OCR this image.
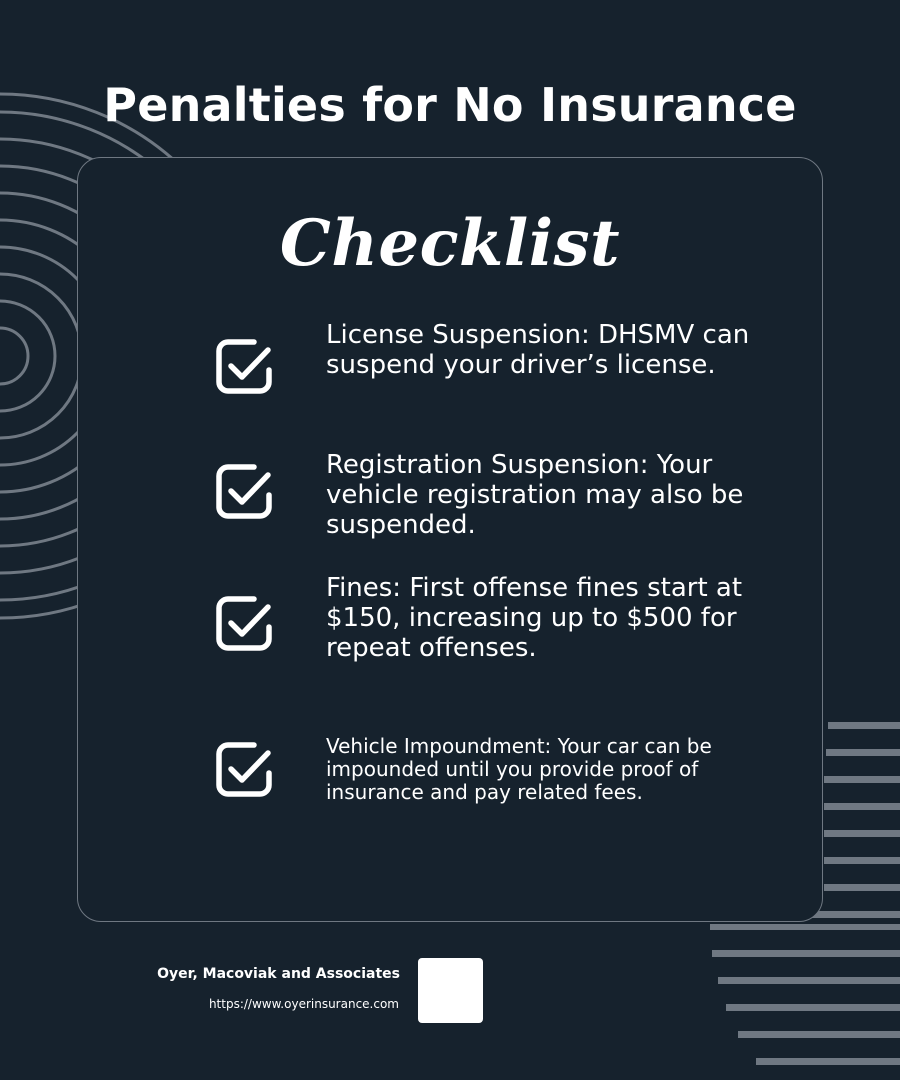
Penalties for No Insurance
Checklist

License Suspension: DHSMV can suspend your driver’s license.

Registration Suspension: Your vehicle registration may also be suspended.

Fines: First offense fines start at $150, increasing up to $500 for repeat offenses.

Vehicle Impoundment: Your car can be impounded until you provide proof of insurance and pay related fees.

Oyer, Macoviak and Associates
https://www.oyerinsurance.com
